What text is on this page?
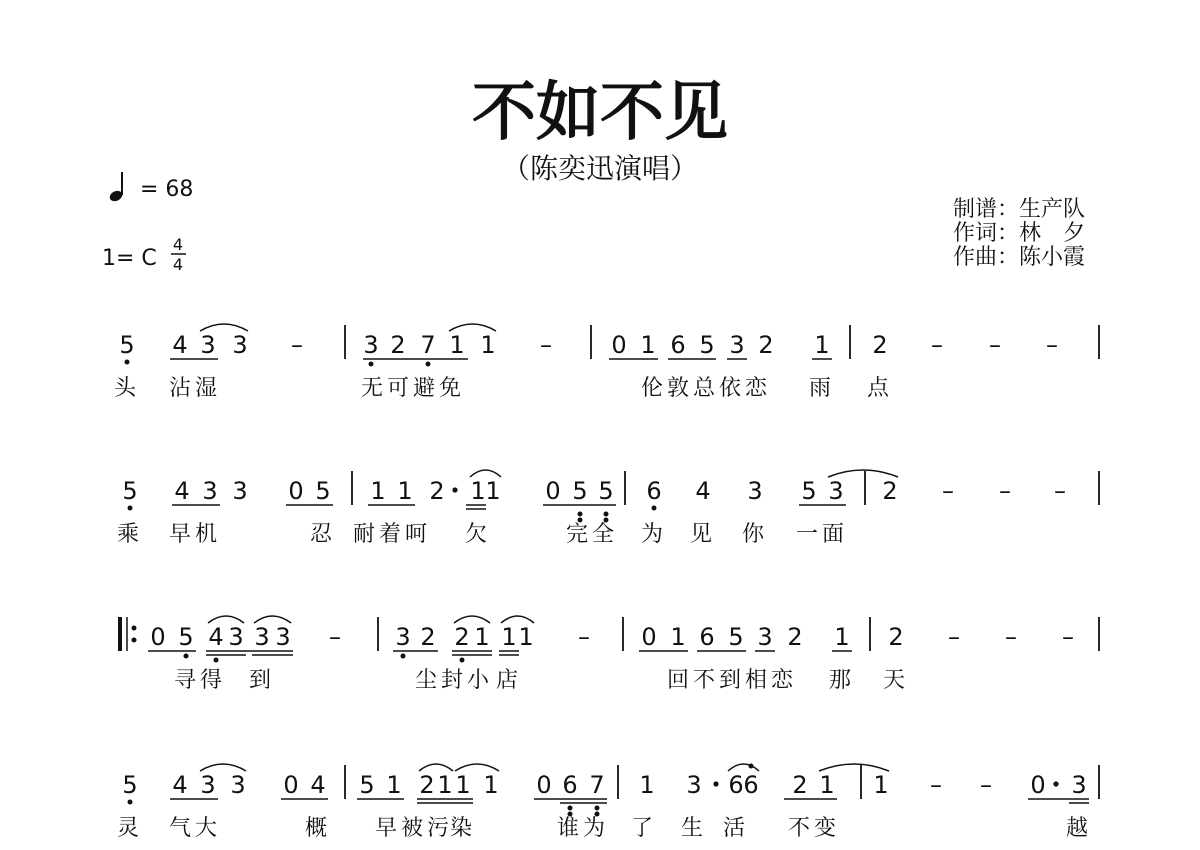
不如不见
（陈奕迅演唱）
= 68
1= C
4
4
制谱：生产队
作词：林　夕
作曲：陈小霞
5 4 3 3 –	3 2 7 1 1 – 0 1 6 5 3 2 1 2 – – –
头 沾湿	无可避免	伦敦总依恋 雨 点
5 4 3 3 0 5 1 1 2 1 1 0 5 5 6 4 3 5 3 2 – – –
乘 早机	忍 耐着呵 欠	完全 为 见 你 一面
0 5 4 3 3 3 – 3 2 2 1 1 1 – 0 1 6 5 3 2 1 2 – – –
寻得 到	尘封小 店	回不到相恋 那 天
5 4 3 3 0 4 5 1 2 1 1 1 0 6 7 1 3 6 6 2 1 1 – – 0 3
灵 气大	概 早被污
染	谁为 了 生 活 不变	越
